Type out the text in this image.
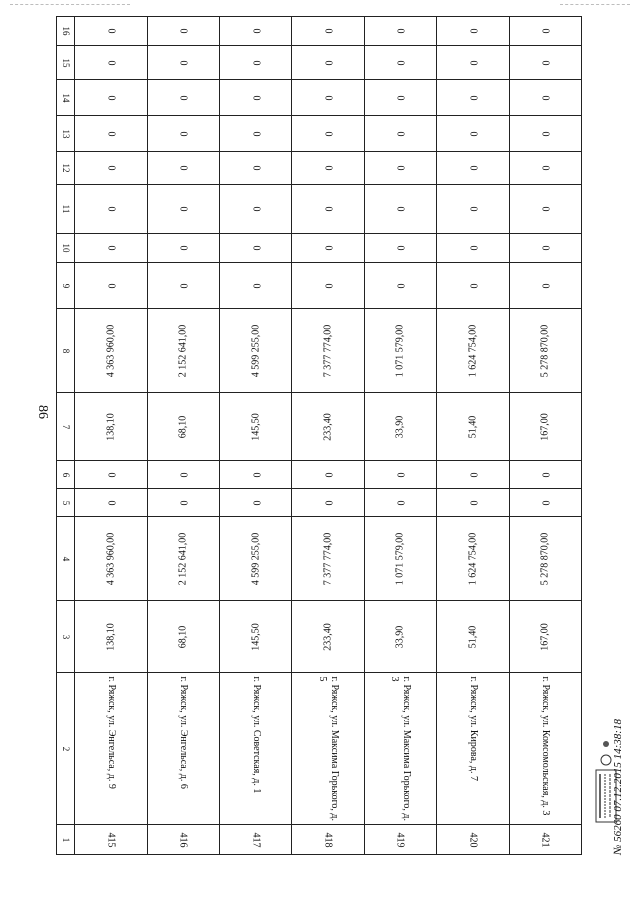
86
16	0	0	0	0	0	0	0

15	0	0	0	0	0	0	0

14	0	0	0	0	0	0	0

13	0	0	0	0	0	0	0

12	0	0	0	0	0	0	0

11	0	0	0	0	0	0	0

10	0	0	0	0	0	0	0

9	0	0	0	0	0	0	0

8	4 363 960,00	2 152 641,00	4 599 255,00	7 377 774,00	1 071 579,00	1 624 754,00	5 278 870,00

7	138,10	68,10	145,50	233,40	33,90	51,40	167,00

6	0	0	0	0	0	0	0

5	0	0	0	0	0	0	0

4	4 363 960,00	2 152 641,00	4 599 255,00	7 377 774,00	1 071 579,00	1 624 754,00	5 278 870,00

3	138,10	68,10	145,50	233,40	33,90	51,40	167,00

2	г. Ряжск, ул. Энгельса, д. 9	г. Ряжск, ул. Энгельса, д. 6	г. Ряжск, ул. Советская, д. 1	г. Ряжск, ул. Максима Горького, д. 5	г. Ряжск, ул. Максима Горького, д. 3	г. Ряжск, ул. Кирова, д. 7	г. Ряжск, ул. Комсомольская, д. 3

1	415	416	417	418	419	420	421	№ 56260 07.12.2015 14:38:18
